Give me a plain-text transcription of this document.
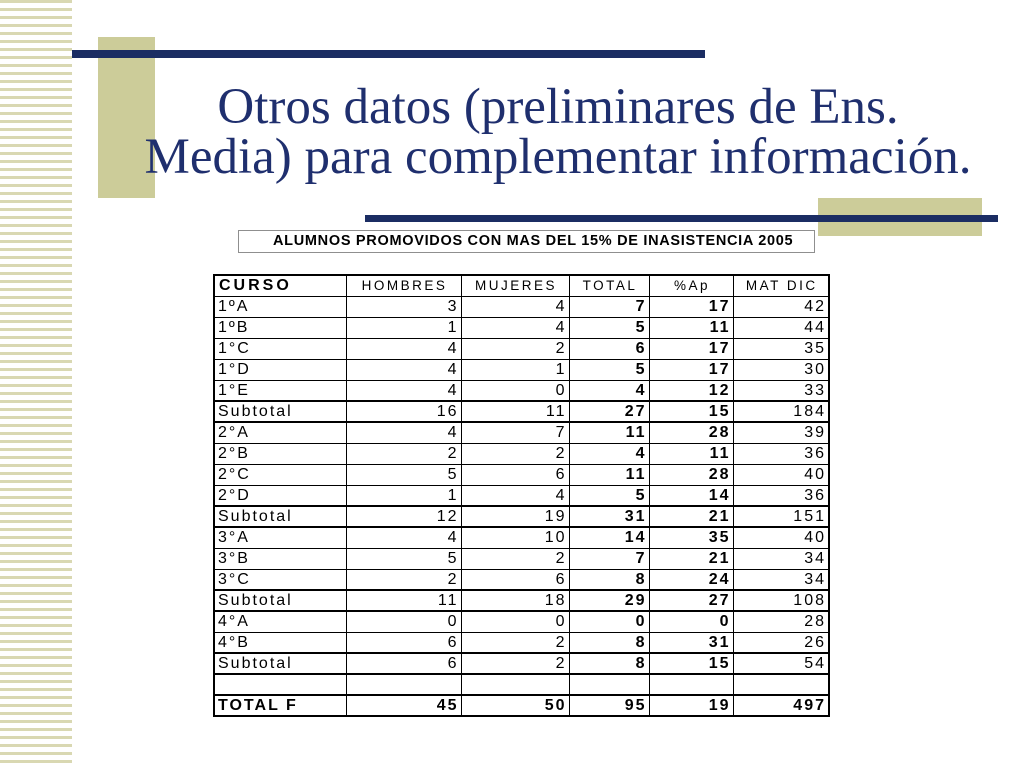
Otros datos (preliminares de Ens.
Media) para complementar información.
ALUMNOS PROMOVIDOS CON MAS DEL 15% DE INASISTENCIA 2005
CURSO	HOMBRES	MUJERES	TOTAL	%Ap	MAT DIC
1ºA	3	4	7	17	42
1ºB	1	4	5	11	44
1°C	4	2	6	17	35
1°D	4	1	5	17	30
1°E	4	0	4	12	33
Subtotal	16	11	27	15	184
2°A	4	7	11	28	39
2°B	2	2	4	11	36
2°C	5	6	11	28	40
2°D	1	4	5	14	36
Subtotal	12	19	31	21	151
3°A	4	10	14	35	40
3°B	5	2	7	21	34
3°C	2	6	8	24	34
Subtotal	11	18	29	27	108
4°A	0	0	0	0	28
4°B	6	2	8	31	26
Subtotal	6	2	8	15	54

TOTAL F	45	50	95	19	497
